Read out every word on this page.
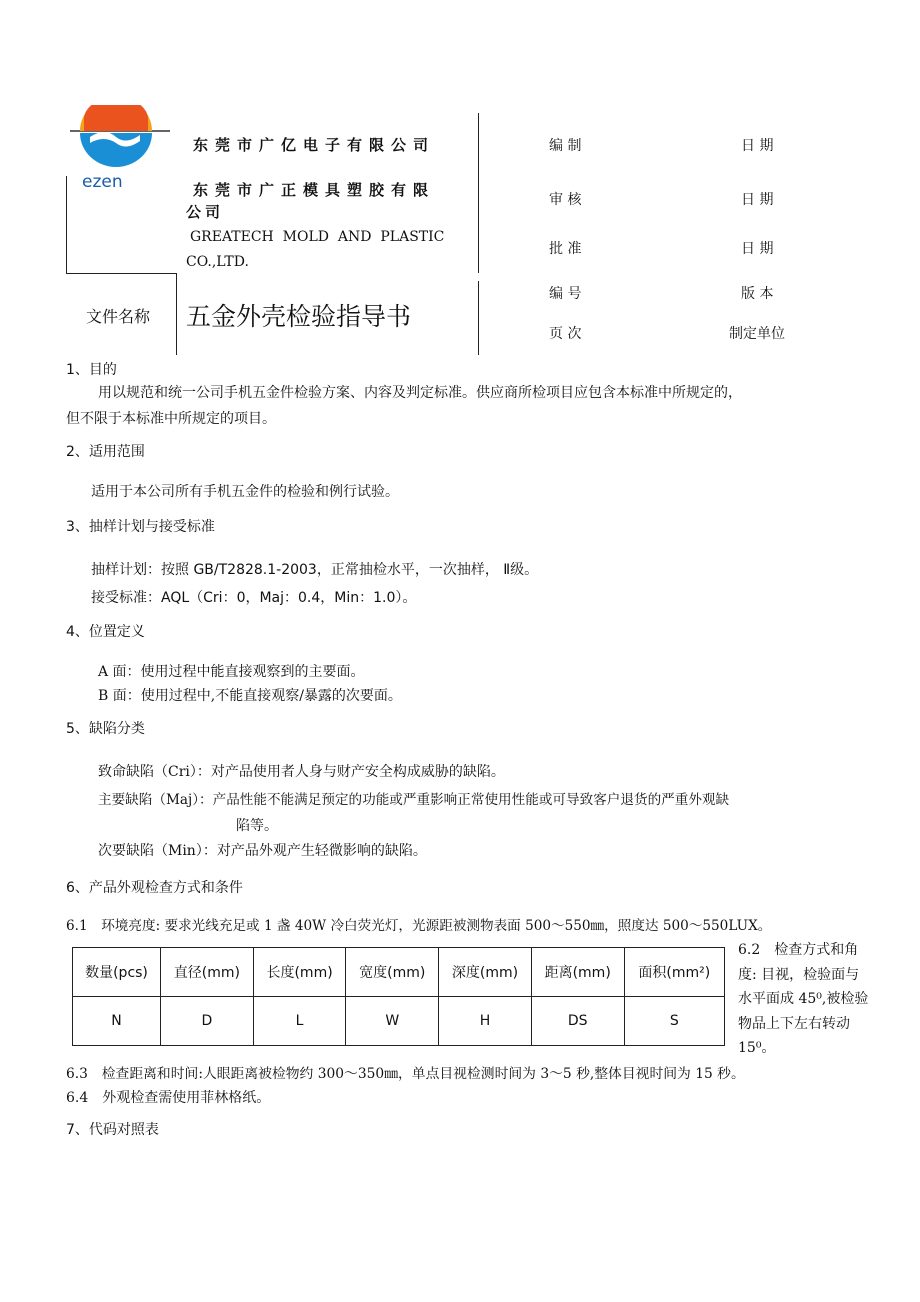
ezen
东莞市广亿电子有限公司
东莞市广正模具塑胶有限
公司
GREATECH  MOLD  AND  PLASTIC
CO.,LTD.
文件名称 五金外壳检验指导书
编 制	日 期
审 核	日 期
批 准	日 期
编 号	版 本
页 次	制定单位
1、目的
用以规范和统一公司手机五金件检验方案、内容及判定标准。供应商所检项目应包含本标准中所规定的，
但不限于本标准中所规定的项目。
2、适用范围
适用于本公司所有手机五金件的检验和例行试验。
3、抽样计划与接受标准
抽样计划：按照 GB/T2828.1-2003，正常抽检水平，一次抽样， Ⅱ级。
接受标准：AQL（Cri：0，Maj：0.4，Min：1.0）。
4、位置定义
A 面：使用过程中能直接观察到的主要面。
B 面：使用过程中,不能直接观察/暴露的次要面。
5、缺陷分类
致命缺陷（Cri）：对产品使用者人身与财产安全构成威胁的缺陷。
主要缺陷（Maj）：产品性能不能满足预定的功能或严重影响正常使用性能或可导致客户退货的严重外观缺
陷等。
次要缺陷（Min）：对产品外观产生轻微影响的缺陷。
6、产品外观检查方式和条件
6.1　环境亮度: 要求光线充足或 1 盏 40W 冷白荧光灯，光源距被测物表面 500～550㎜，照度达 500～550LUX。
数量(pcs)	直径(mm)	长度(mm)	宽度(mm)	深度(mm)	距离(mm)	面积(mm²)
N	D	L	W	H	DS	S
6.2　检查方式和角
度: 目视，检验面与
水平面成 45⁰,被检验
物品上下左右转动
15⁰。
6.3　检查距离和时间:人眼距离被检物约 300～350㎜，单点目视检测时间为 3～5 秒,整体目视时间为 15 秒。
6.4　外观检查需使用菲林格纸。
7、代码对照表
